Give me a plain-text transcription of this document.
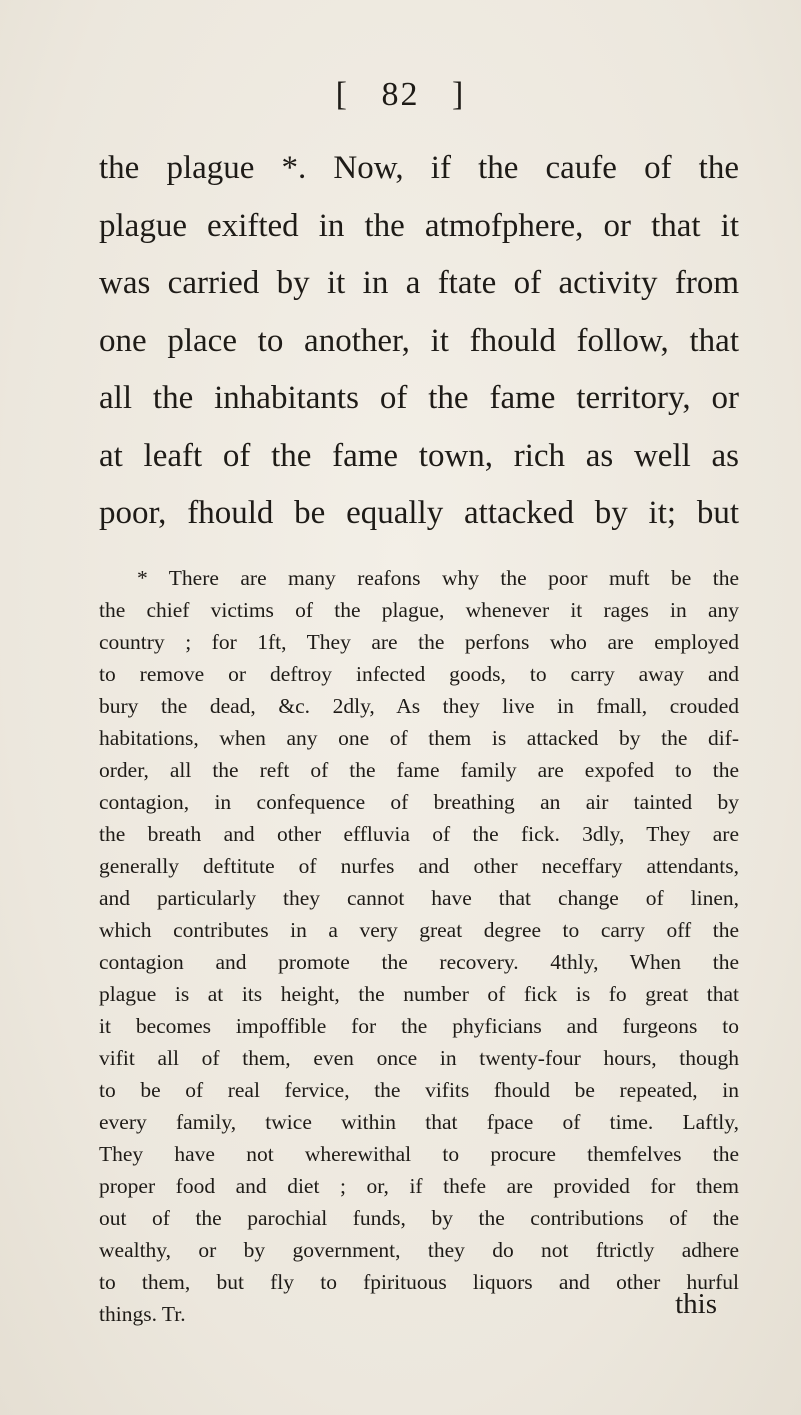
[ 82 ]
the plague *. Now, if the caufe of the
plague exifted in the atmofphere, or that it
was carried by it in a ftate of activity from
one place to another, it fhould follow, that
all the inhabitants of the fame territory, or
at leaft of the fame town, rich as well as
poor, fhould be equally attacked by it; but
* There are many reafons why the poor muft be the
the chief victims of the plague, whenever it rages in any
country ; for 1ft, They are the perfons who are employed
to remove or deftroy infected goods, to carry away and
bury the dead, &c. 2dly, As they live in fmall, crouded
habitations, when any one of them is attacked by the dif-
order, all the reft of the fame family are expofed to the
contagion, in confequence of breathing an air tainted by
the breath and other effluvia of the fick. 3dly, They are
generally deftitute of nurfes and other neceffary attendants,
and particularly they cannot have that change of linen,
which contributes in a very great degree to carry off the
contagion and promote the recovery. 4thly, When the
plague is at its height, the number of fick is fo great that
it becomes impoffible for the phyficians and furgeons to
vifit all of them, even once in twenty-four hours, though
to be of real fervice, the vifits fhould be repeated, in
every family, twice within that fpace of time. Laftly,
They have not wherewithal to procure themfelves the
proper food and diet ; or, if thefe are provided for them
out of the parochial funds, by the contributions of the
wealthy, or by government, they do not ftrictly adhere
to them, but fly to fpirituous liquors and other hurful
things. Tr.	this
